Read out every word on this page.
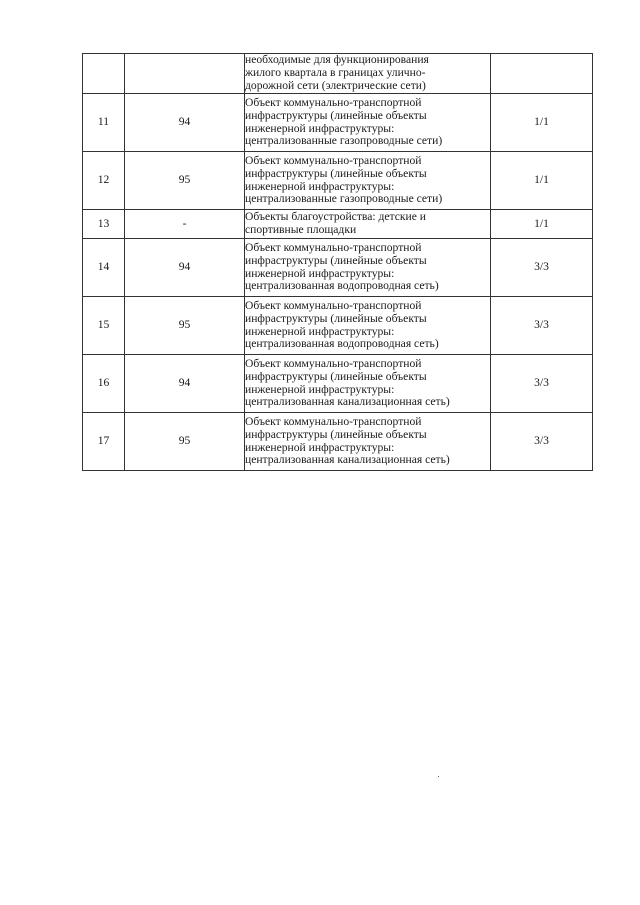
		необходимые для функционирования
жилого квартала в границах улично-
дорожной сети (электрические сети)	

11	94	Объект коммунально-транспортной
инфраструктуры (линейные объекты
инженерной инфраструктуры:
централизованные газопроводные сети)	1/1
12	95	Объект коммунально-транспортной
инфраструктуры (линейные объекты
инженерной инфраструктуры:
централизованные газопроводные сети)	1/1
13	-	Объекты благоустройства: детские и
спортивные площадки	1/1
14	94	Объект коммунально-транспортной
инфраструктуры (линейные объекты
инженерной инфраструктуры:
централизованная водопроводная сеть)	3/3
15	95	Объект коммунально-транспортной
инфраструктуры (линейные объекты
инженерной инфраструктуры:
централизованная водопроводная сеть)	3/3
16	94	Объект коммунально-транспортной
инфраструктуры (линейные объекты
инженерной инфраструктуры:
централизованная канализационная сеть)	3/3
17	95	Объект коммунально-транспортной
инфраструктуры (линейные объекты
инженерной инфраструктуры:
централизованная канализационная сеть)	3/3
